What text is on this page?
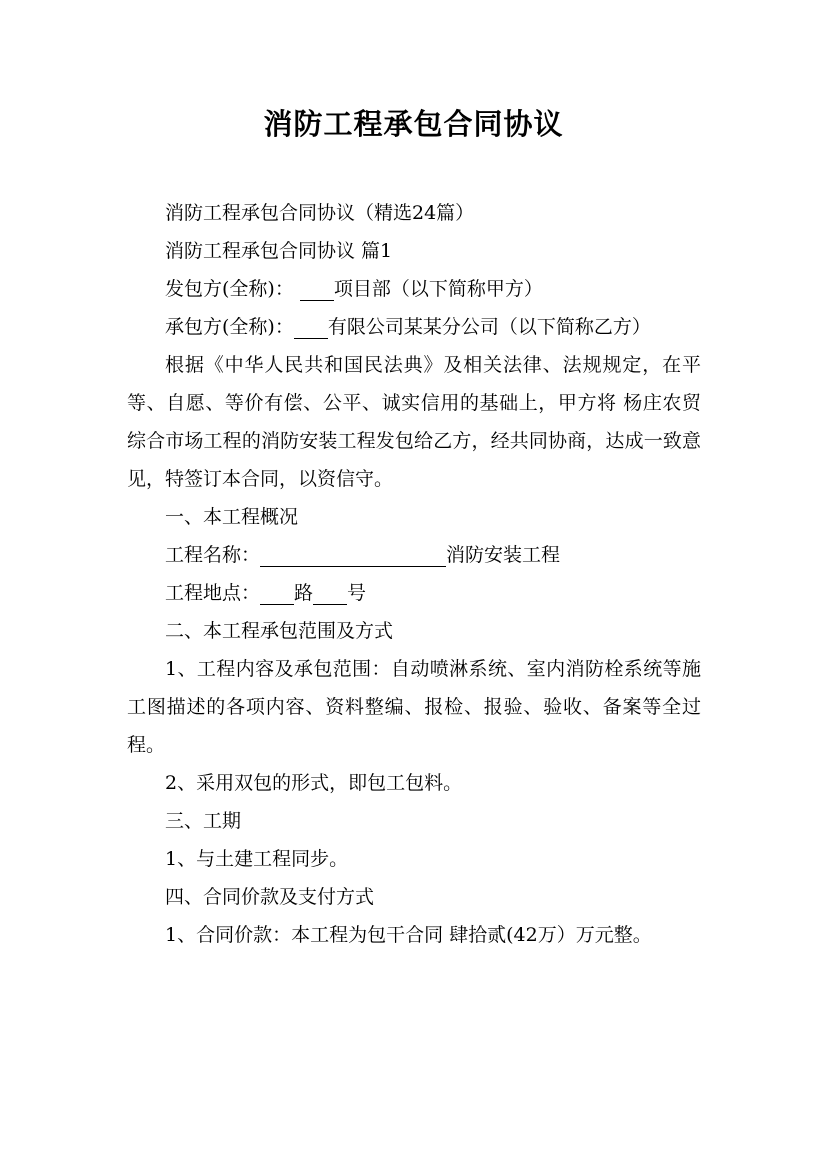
消防工程承包合同协议

消防工程承包合同协议（精选24篇）

消防工程承包合同协议 篇1

发包方(全称)： 项目部（以下简称甲方）

承包方(全称)： 有限公司某某分公司（以下简称乙方）

根据《中华人民共和国民法典》及相关法律、法规规定，在平等、自愿、等价有偿、公平、诚实信用的基础上，甲方将 杨庄农贸综合市场工程的消防安装工程发包给乙方，经共同协商，达成一致意见，特签订本合同，以资信守。

一、本工程概况

工程名称：	消防安装工程

工程地点： 路 号

二、本工程承包范围及方式

1、工程内容及承包范围：自动喷淋系统、室内消防栓系统等施工图描述的各项内容、资料整编、报检、报验、验收、备案等全过程。

2、采用双包的形式，即包工包料。

三、工期

1、与土建工程同步。

四、合同价款及支付方式

1、合同价款：本工程为包干合同 肆拾贰(42万）万元整。
